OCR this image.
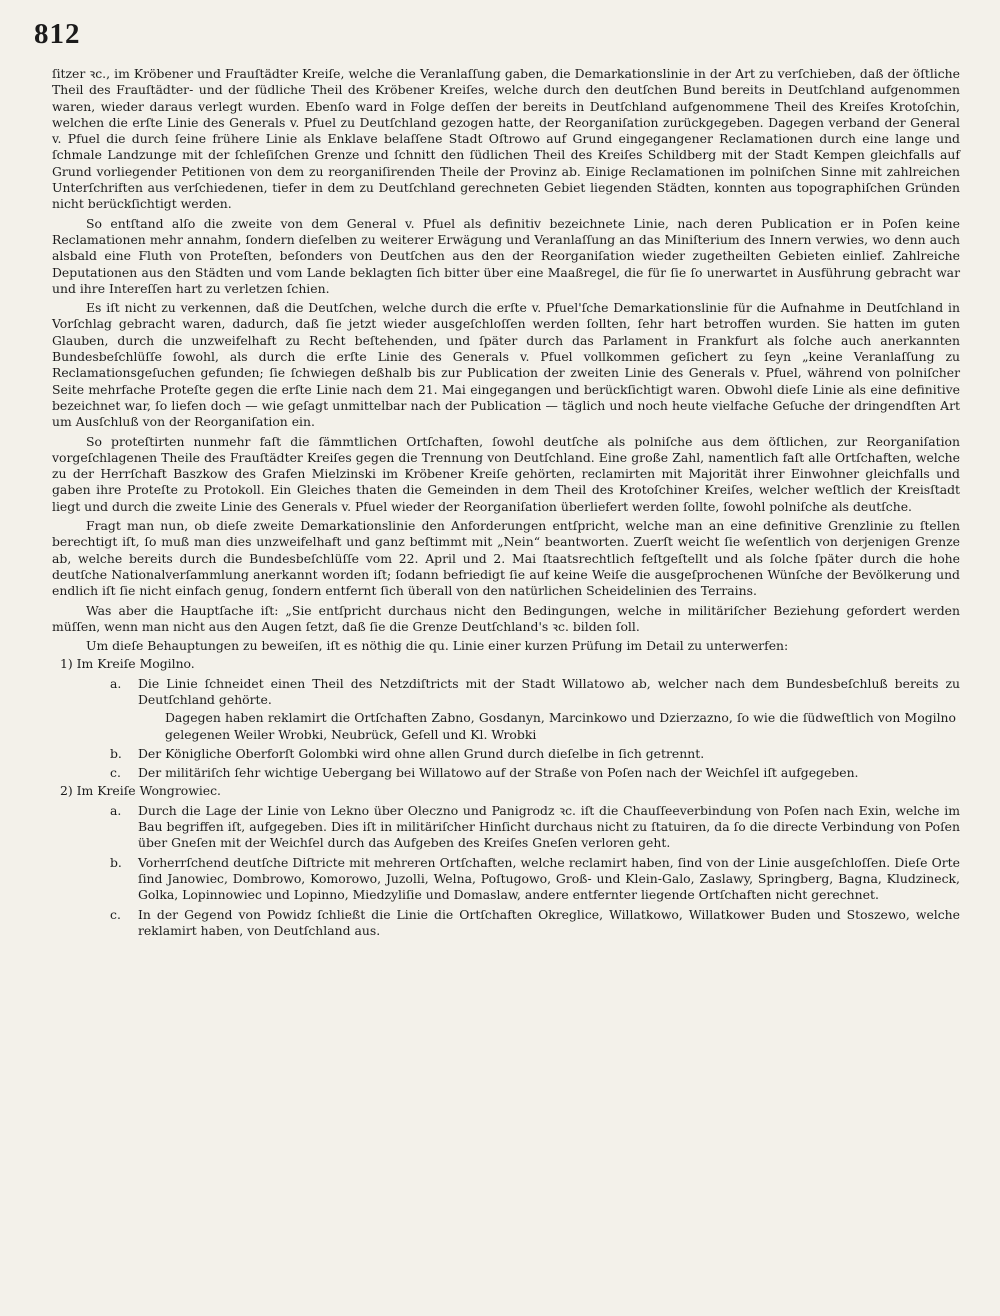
812

ſitzer ꝛc., im Kröbener und Frauſtädter Kreiſe, welche die Veranlaſſung gaben, die Demarkationslinie in der Art zu verſchieben, daß der öſtliche Theil des Frauſtädter- und der ſüdliche Theil des Kröbener Kreiſes, welche durch den deutſchen Bund bereits in Deutſchland aufgenommen waren, wieder daraus verlegt wurden. Ebenſo ward in Folge deſſen der bereits in Deutſchland aufgenommene Theil des Kreiſes Krotoſchin, welchen die erſte Linie des Generals v. Pfuel zu Deutſchland gezogen hatte, der Reorganiſation zurückgegeben. Dagegen verband der General v. Pfuel die durch ſeine frühere Linie als Enklave belaſſene Stadt Oſtrowo auf Grund eingegangener Reclamationen durch eine lange und ſchmale Landzunge mit der ſchleſiſchen Grenze und ſchnitt den ſüdlichen Theil des Kreiſes Schildberg mit der Stadt Kempen gleichfalls auf Grund vorliegender Petitionen von dem zu reorganiſirenden Theile der Provinz ab. Einige Reclamationen im polniſchen Sinne mit zahlreichen Unterſchriften aus verſchiedenen, tiefer in dem zu Deutſchland gerechneten Gebiet liegenden Städten, konnten aus topographiſchen Gründen nicht berückſichtigt werden.

So entſtand alſo die zweite von dem General v. Pfuel als definitiv bezeichnete Linie, nach deren Publication er in Poſen keine Reclamationen mehr annahm, ſondern dieſelben zu weiterer Erwägung und Veranlaſſung an das Miniſterium des Innern verwies, wo denn auch alsbald eine Fluth von Proteſten, beſonders von Deutſchen aus den der Reorganiſation wieder zugetheilten Gebieten einlief. Zahlreiche Deputationen aus den Städten und vom Lande beklagten ſich bitter über eine Maaßregel, die für ſie ſo unerwartet in Ausführung gebracht war und ihre Intereſſen hart zu verletzen ſchien.

Es iſt nicht zu verkennen, daß die Deutſchen, welche durch die erſte v. Pfuel'ſche Demarkationslinie für die Aufnahme in Deutſchland in Vorſchlag gebracht waren, dadurch, daß ſie jetzt wieder ausgeſchloſſen werden ſollten, ſehr hart betroffen wurden. Sie hatten im guten Glauben, durch die unzweifelhaft zu Recht beſtehenden, und ſpäter durch das Parlament in Frankfurt als ſolche auch anerkannten Bundesbeſchlüſſe ſowohl, als durch die erſte Linie des Generals v. Pfuel vollkommen geſichert zu ſeyn „keine Veranlaſſung zu Reclamationsgeſuchen gefunden; ſie ſchwiegen deßhalb bis zur Publication der zweiten Linie des Generals v. Pfuel, während von polniſcher Seite mehrfache Proteſte gegen die erſte Linie nach dem 21. Mai eingegangen und berückſichtigt waren. Obwohl dieſe Linie als eine definitive bezeichnet war, ſo liefen doch — wie geſagt unmittelbar nach der Publication — täglich und noch heute vielfache Geſuche der dringendſten Art um Ausſchluß von der Reorganiſation ein.

So proteſtirten nunmehr faſt die ſämmtlichen Ortſchaften, ſowohl deutſche als polniſche aus dem öſtlichen, zur Reorganiſation vorgeſchlagenen Theile des Frauſtädter Kreiſes gegen die Trennung von Deutſchland. Eine große Zahl, namentlich faſt alle Ortſchaften, welche zu der Herrſchaft Baszkow des Grafen Mielzinski im Kröbener Kreiſe gehörten, reclamirten mit Majorität ihrer Einwohner gleichfalls und gaben ihre Proteſte zu Protokoll. Ein Gleiches thaten die Gemeinden in dem Theil des Krotoſchiner Kreiſes, welcher weſtlich der Kreisſtadt liegt und durch die zweite Linie des Generals v. Pfuel wieder der Reorganiſation überliefert werden ſollte, ſowohl polniſche als deutſche.

Fragt man nun, ob dieſe zweite Demarkationslinie den Anforderungen entſpricht, welche man an eine definitive Grenzlinie zu ſtellen berechtigt iſt, ſo muß man dies unzweifelhaft und ganz beſtimmt mit „Nein“ beantworten. Zuerſt weicht ſie weſentlich von derjenigen Grenze ab, welche bereits durch die Bundesbeſchlüſſe vom 22. April und 2. Mai ſtaatsrechtlich feſtgeſtellt und als ſolche ſpäter durch die hohe deutſche Nationalverſammlung anerkannt worden iſt; ſodann befriedigt ſie auf keine Weiſe die ausgeſprochenen Wünſche der Bevölkerung und endlich iſt ſie nicht einfach genug, ſondern entfernt ſich überall von den natürlichen Scheidelinien des Terrains.

Was aber die Hauptſache iſt: „Sie entſpricht durchaus nicht den Bedingungen, welche in militäriſcher Beziehung gefordert werden müſſen, wenn man nicht aus den Augen ſetzt, daß ſie die Grenze Deutſchland's ꝛc. bilden ſoll.

Um dieſe Behauptungen zu beweiſen, iſt es nöthig die qu. Linie einer kurzen Prüfung im Detail zu unterwerfen:

1) Im Kreiſe Mogilno.

a. Die Linie ſchneidet einen Theil des Netzdiſtricts mit der Stadt Willatowo ab, welcher nach dem Bundesbeſchluß bereits zu Deutſchland gehörte.

Dagegen haben reklamirt die Ortſchaften Zabno, Gosdanyn, Marcinkowo und Dzierzazno, ſo wie die ſüdweſtlich von Mogilno gelegenen Weiler Wrobki, Neubrück, Geſell und Kl. Wrobki

b. Der Königliche Oberforſt Golombki wird ohne allen Grund durch dieſelbe in ſich getrennt.
c. Der militäriſch ſehr wichtige Uebergang bei Willatowo auf der Straße von Poſen nach der Weichſel iſt aufgegeben.

2) Im Kreiſe Wongrowiec.

a. Durch die Lage der Linie von Lekno über Oleczno und Panigrodz ꝛc. iſt die Chauſſeeverbindung von Poſen nach Exin, welche im Bau begriffen iſt, aufgegeben. Dies iſt in militäriſcher Hinſicht durchaus nicht zu ſtatuiren, da ſo die directe Verbindung von Poſen über Gneſen mit der Weichſel durch das Aufgeben des Kreiſes Gneſen verloren geht.
b. Vorherrſchend deutſche Diſtricte mit mehreren Ortſchaften, welche reclamirt haben, ſind von der Linie ausgeſchloſſen. Dieſe Orte ſind Janowiec, Dombrowo, Komorowo, Juzolli, Welna, Poſtugowo, Groß- und Klein-Galo, Zaslawy, Springberg, Bagna, Kludzineck, Golka, Lopinnowiec und Lopinno, Miedzyliſie und Domaslaw, andere entfernter liegende Ortſchaften nicht gerechnet.
c. In der Gegend von Powidz ſchließt die Linie die Ortſchaften Okreglice, Willatkowo, Willatkower Buden und Stoszewo, welche reklamirt haben, von Deutſchland aus.
